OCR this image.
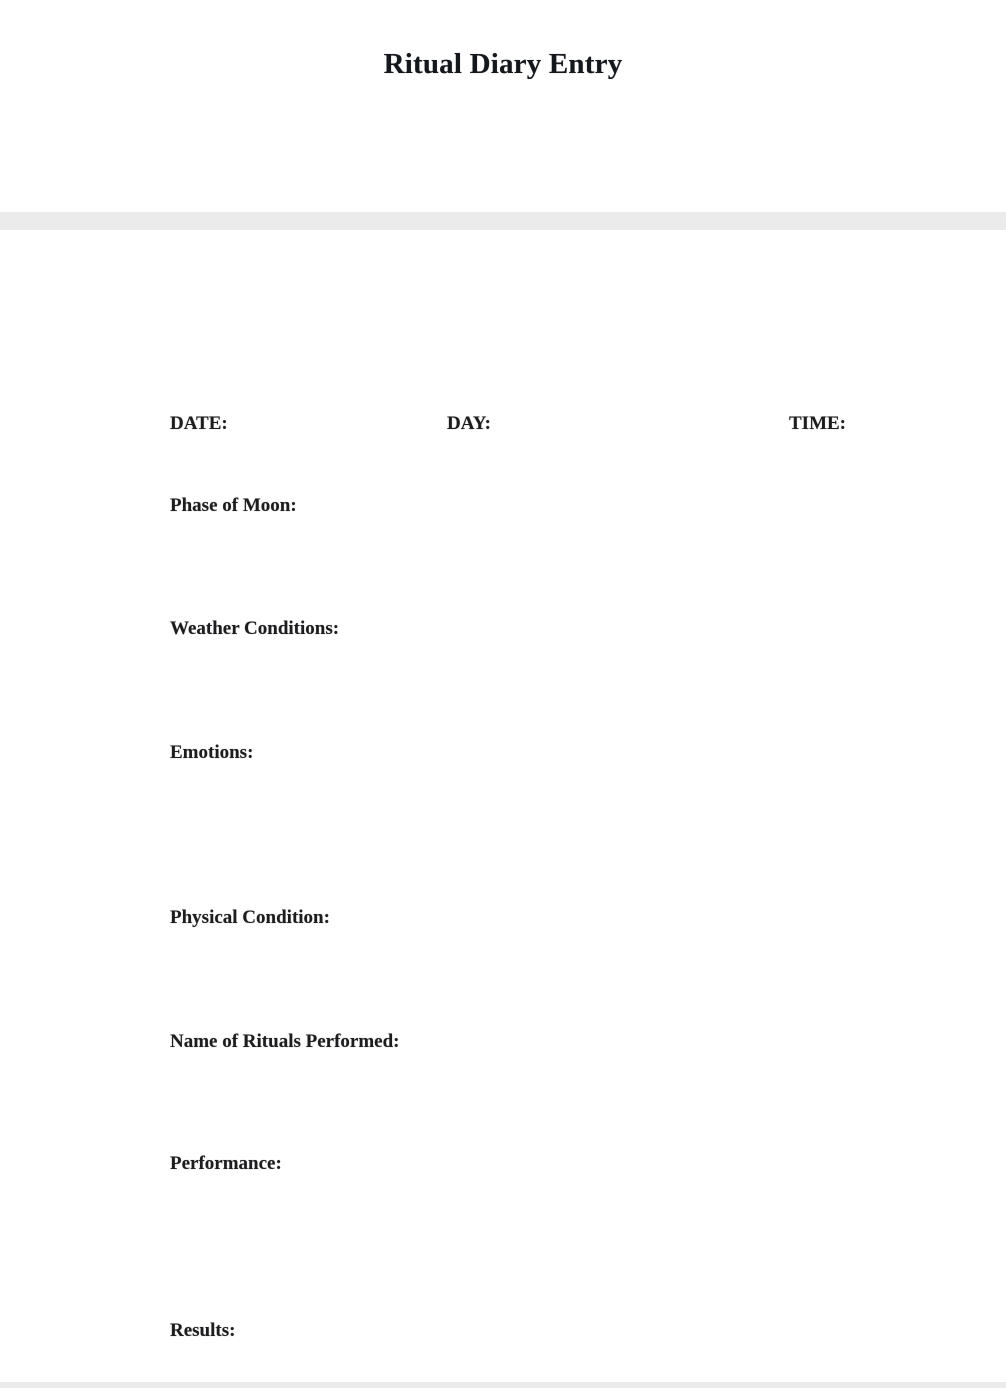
Ritual Diary Entry
DATE:	DAY:	TIME:
Phase of Moon:
Weather Conditions:
Emotions:
Physical Condition:
Name of Rituals Performed:
Performance:
Results:
